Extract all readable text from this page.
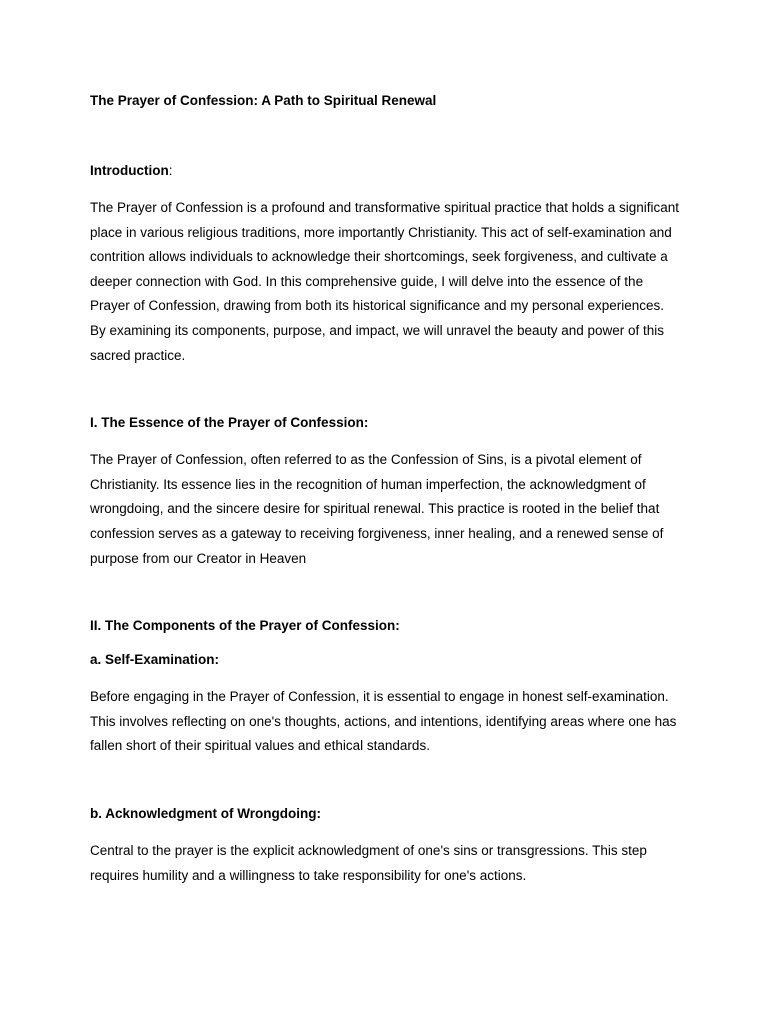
The Prayer of Confession: A Path to Spiritual Renewal

Introduction:

The Prayer of Confession is a profound and transformative spiritual practice that holds a significant place in various religious traditions, more importantly Christianity. This act of self-examination and contrition allows individuals to acknowledge their shortcomings, seek forgiveness, and cultivate a deeper connection with God. In this comprehensive guide, I will delve into the essence of the Prayer of Confession, drawing from both its historical significance and my personal experiences. By examining its components, purpose, and impact, we will unravel the beauty and power of this sacred practice.

I. The Essence of the Prayer of Confession:

The Prayer of Confession, often referred to as the Confession of Sins, is a pivotal element of Christianity. Its essence lies in the recognition of human imperfection, the acknowledgment of wrongdoing, and the sincere desire for spiritual renewal. This practice is rooted in the belief that confession serves as a gateway to receiving forgiveness, inner healing, and a renewed sense of purpose from our Creator in Heaven

II. The Components of the Prayer of Confession:
a. Self-Examination:

Before engaging in the Prayer of Confession, it is essential to engage in honest self-examination. This involves reflecting on one's thoughts, actions, and intentions, identifying areas where one has fallen short of their spiritual values and ethical standards.

b. Acknowledgment of Wrongdoing:

Central to the prayer is the explicit acknowledgment of one's sins or transgressions. This step requires humility and a willingness to take responsibility for one's actions.
